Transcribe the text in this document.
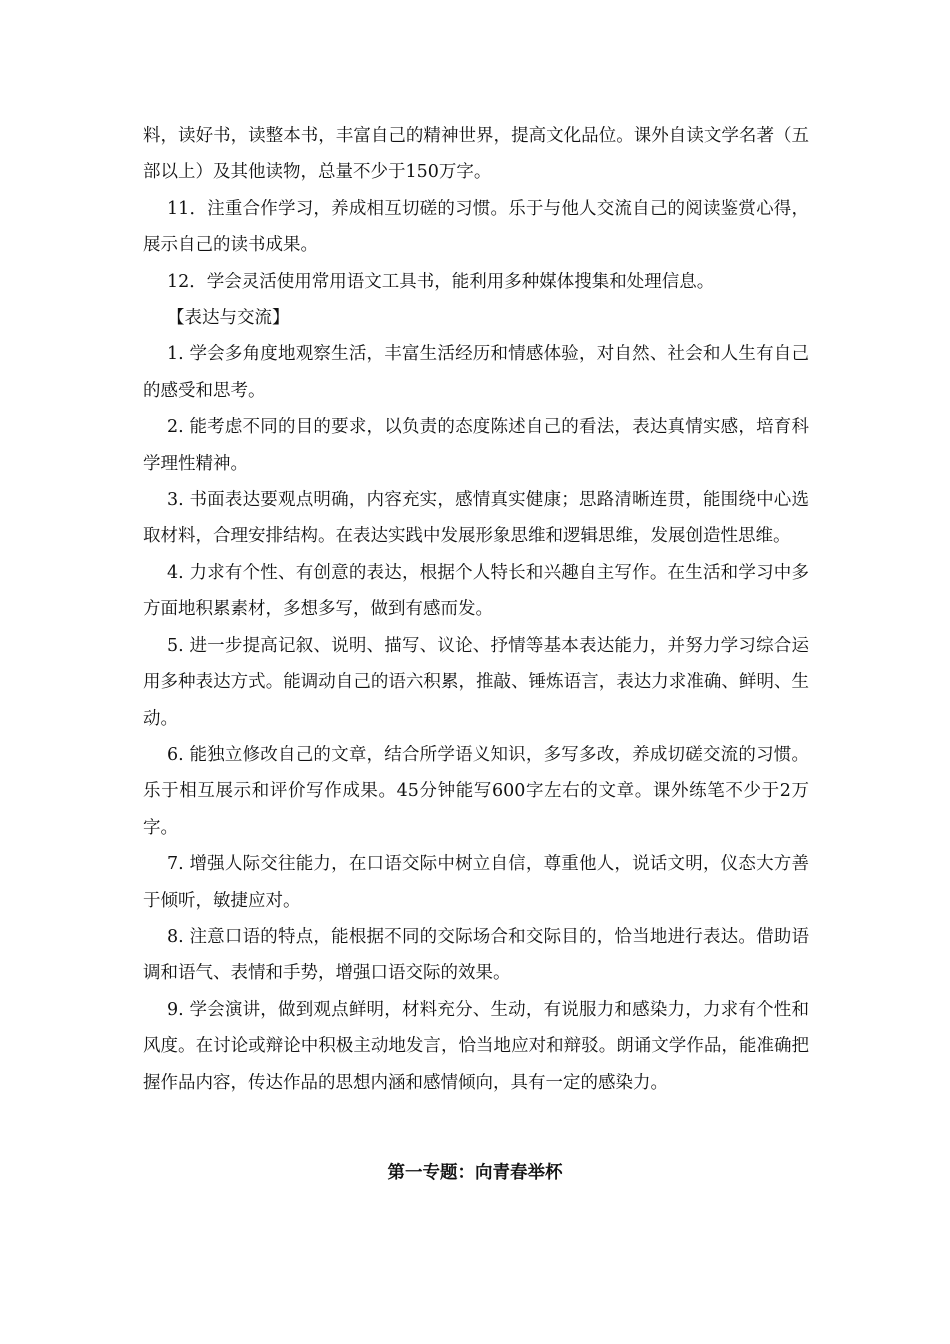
料，读好书，读整本书，丰富自己的精神世界，提高文化品位。课外自读文学名著（五部以上）及其他读物，总量不少于150万字。

11．注重合作学习，养成相互切磋的习惯。乐于与他人交流自己的阅读鉴赏心得，展示自己的读书成果。

12．学会灵活使用常用语文工具书，能利用多种媒体搜集和处理信息。

【表达与交流】

1. 学会多角度地观察生活，丰富生活经历和情感体验，对自然、社会和人生有自己的感受和思考。

2. 能考虑不同的目的要求，以负责的态度陈述自己的看法，表达真情实感，培育科学理性精神。

3. 书面表达要观点明确，内容充实，感情真实健康；思路清晰连贯，能围绕中心选取材料，合理安排结构。在表达实践中发展形象思维和逻辑思维，发展创造性思维。

4. 力求有个性、有创意的表达，根据个人特长和兴趣自主写作。在生活和学习中多方面地积累素材，多想多写，做到有感而发。

5. 进一步提高记叙、说明、描写、议论、抒情等基本表达能力，并努力学习综合运用多种表达方式。能调动自己的语六积累，推敲、锤炼语言，表达力求准确、鲜明、生动。

6. 能独立修改自己的文章，结合所学语义知识，多写多改，养成切磋交流的习惯。乐于相互展示和评价写作成果。45分钟能写600字左右的文章。课外练笔不少于2万字。

7. 增强人际交往能力，在口语交际中树立自信，尊重他人，说话文明，仪态大方善于倾听，敏捷应对。

8. 注意口语的特点，能根据不同的交际场合和交际目的，恰当地进行表达。借助语调和语气、表情和手势，增强口语交际的效果。

9. 学会演讲，做到观点鲜明，材料充分、生动，有说服力和感染力，力求有个性和风度。在讨论或辩论中积极主动地发言，恰当地应对和辩驳。朗诵文学作品，能准确把握作品内容，传达作品的思想内涵和感情倾向，具有一定的感染力。

第一专题：向青春举杯
